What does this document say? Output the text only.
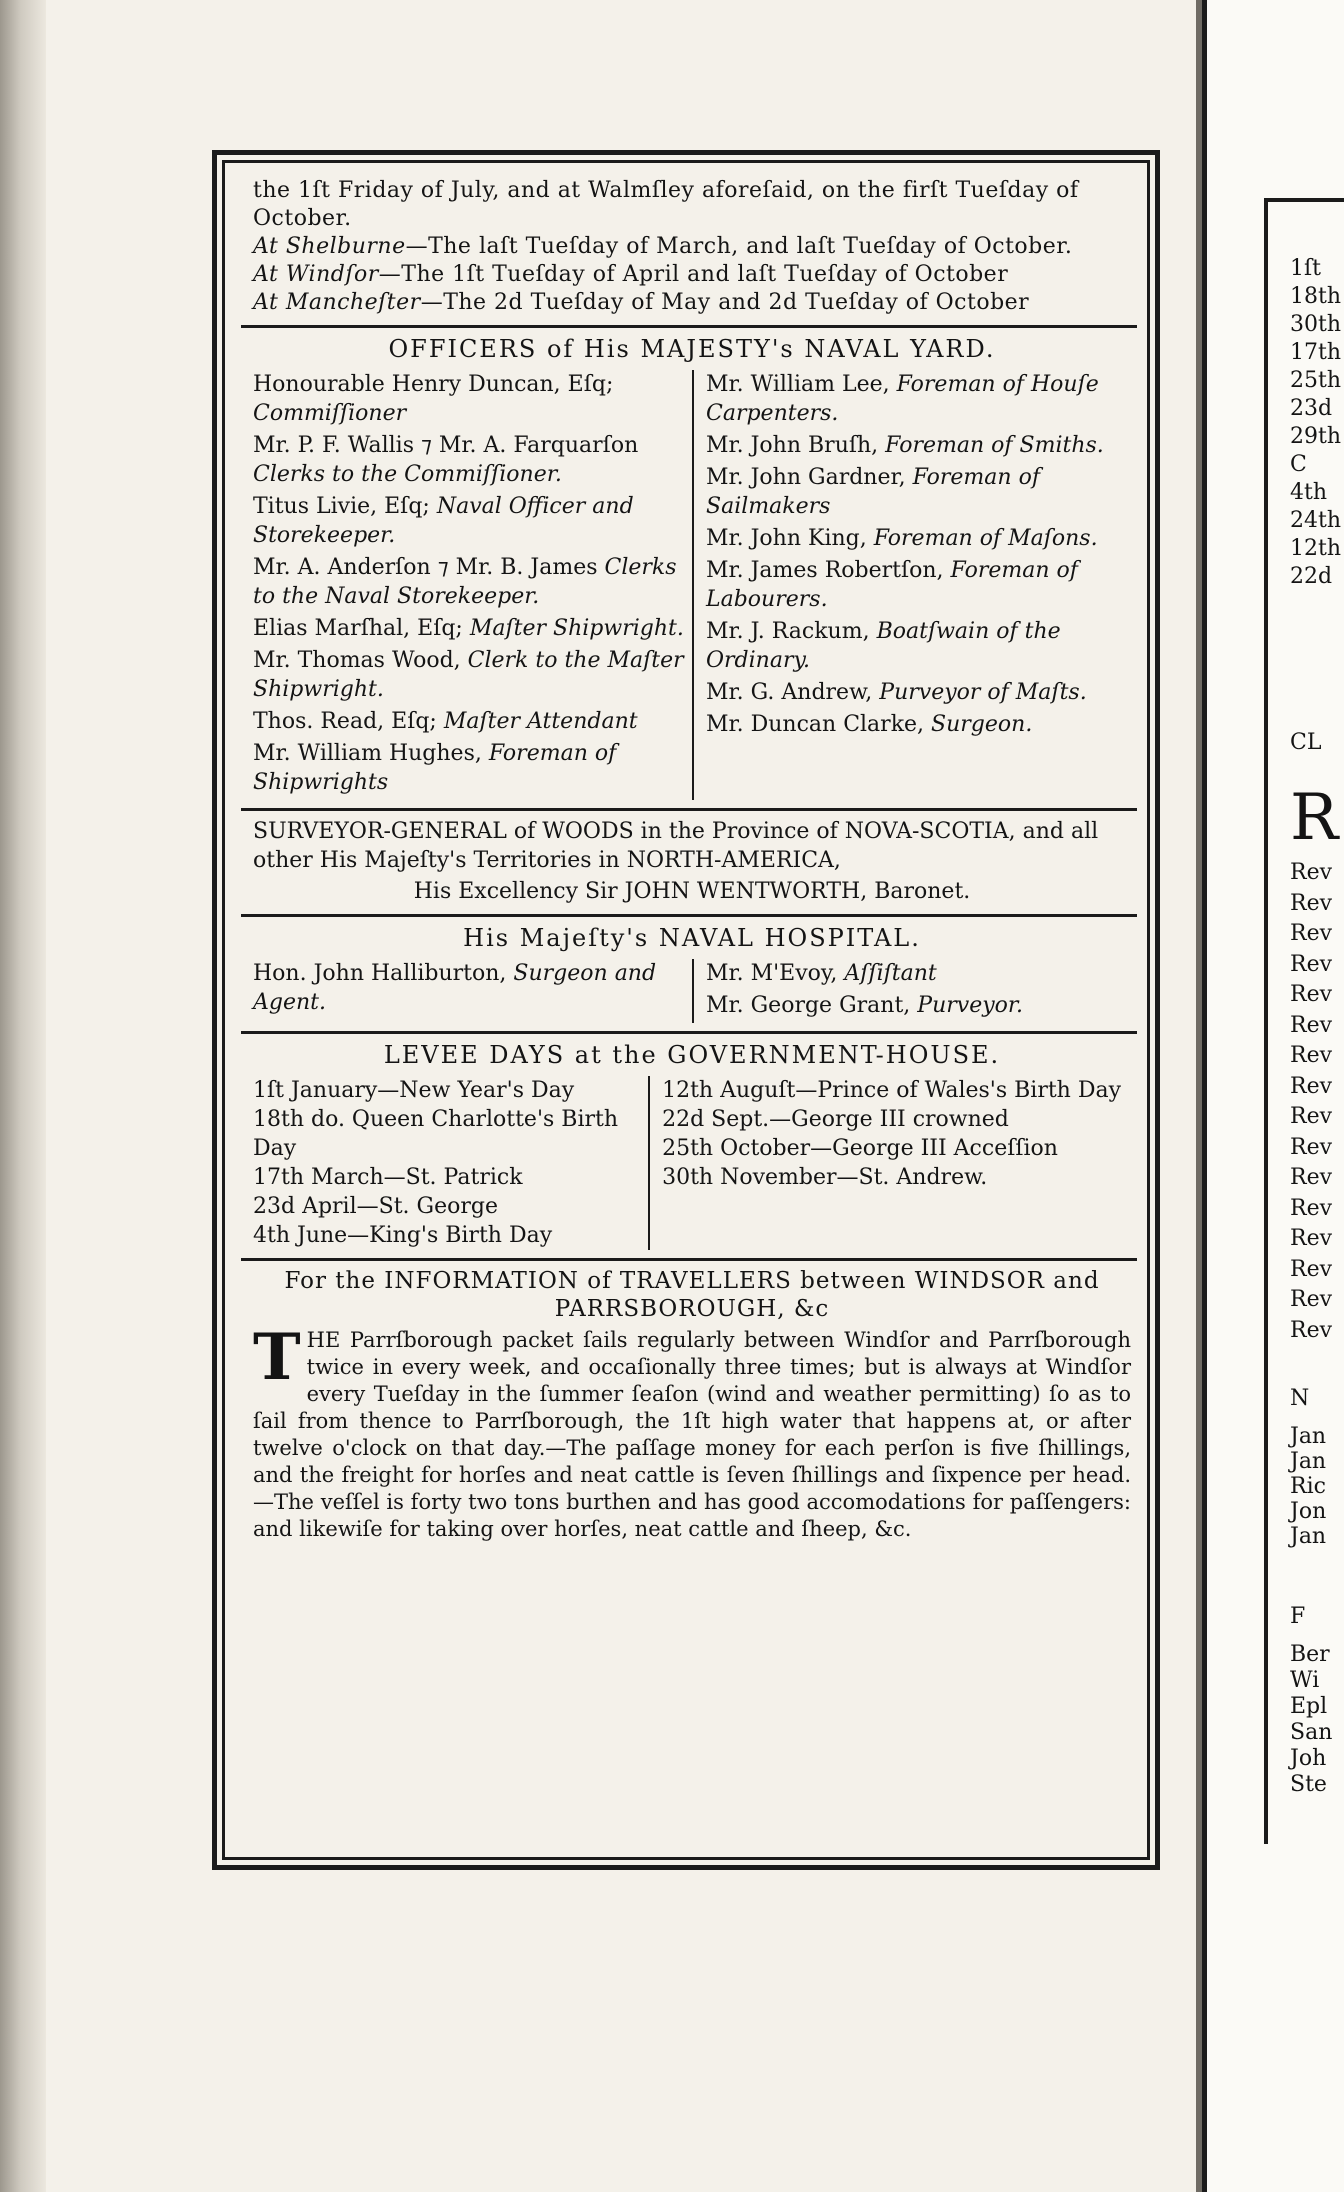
1ſt
18th
30th
17th
25th
23d
29th
C
4th
24th
12th
22d
CL
R
Rev
Rev
Rev
Rev
Rev
Rev
Rev
Rev
Rev
Rev
Rev
Rev
Rev
Rev
Rev
Rev
N
Jan
Jan
Ric
Jon
Jan
F
Ber
Wi
Epl
San
Joh
Ste
the 1ſt Friday of July, and at Walmſley aforeſaid, on the firſt Tueſday of October.
At Shelburne—The laſt Tueſday of March, and laſt Tueſday of October.
At Windſor—The 1ſt Tueſday of April and laſt Tueſday of October
At Mancheſter—The 2d Tueſday of May and 2d Tueſday of October
OFFICERS of His MAJESTY's NAVAL YARD.
Honourable Henry Duncan, Eſq; Commiſſioner
Mr. P. F. Wallis ⁊ Mr. A. Farquarſon Clerks to the Commiſſioner.
Titus Livie, Eſq; Naval Officer and Storekeeper.
Mr. A. Anderſon ⁊ Mr. B. James Clerks to the Naval Storekeeper.
Elias Marſhal, Eſq; Maſter Shipwright.
Mr. Thomas Wood, Clerk to the Maſter Shipwright.
Thos. Read, Eſq; Maſter Attendant
Mr. William Hughes, Foreman of Shipwrights
Mr. William Lee, Foreman of Houſe Carpenters.
Mr. John Bruſh, Foreman of Smiths.
Mr. John Gardner, Foreman of Sailmakers
Mr. John King, Foreman of Maſons.
Mr. James Robertſon, Foreman of Labourers.
Mr. J. Rackum, Boatſwain of the Ordinary.
Mr. G. Andrew, Purveyor of Maſts.
Mr. Duncan Clarke, Surgeon.
SURVEYOR-GENERAL of WOODS in the Province of NOVA-SCOTIA, and all other His Majeſty's Territories in NORTH-AMERICA,
His Excellency Sir JOHN WENTWORTH, Baronet.
His Majeſty's NAVAL HOSPITAL.
Hon. John Halliburton, Surgeon and Agent.
Mr. M'Evoy, Aſſiſtant
Mr. George Grant, Purveyor.
LEVEE DAYS at the GOVERNMENT-HOUSE.
1ſt January—New Year's Day
18th do. Queen Charlotte's Birth Day
17th March—St. Patrick
23d April—St. George
4th June—King's Birth Day
12th Auguſt—Prince of Wales's Birth Day
22d Sept.—George III crowned
25th October—George III Acceſſion
30th November—St. Andrew.
For the INFORMATION of TRAVELLERS between WINDSOR and PARRSBOROUGH, &c
THE Parrſborough packet ſails regularly between Windſor and Parrſborough twice in every week, and occaſionally three times; but is always at Windſor every Tueſday in the ſummer ſeaſon (wind and weather permitting) ſo as to ſail from thence to Parrſborough, the 1ſt high water that happens at, or after twelve o'clock on that day.—The paſſage money for each perſon is five ſhillings, and the freight for horſes and neat cattle is ſeven ſhillings and ſixpence per head.—The veſſel is forty two tons burthen and has good accomodations for paſſengers: and likewiſe for taking over horſes, neat cattle and ſheep, &c.
